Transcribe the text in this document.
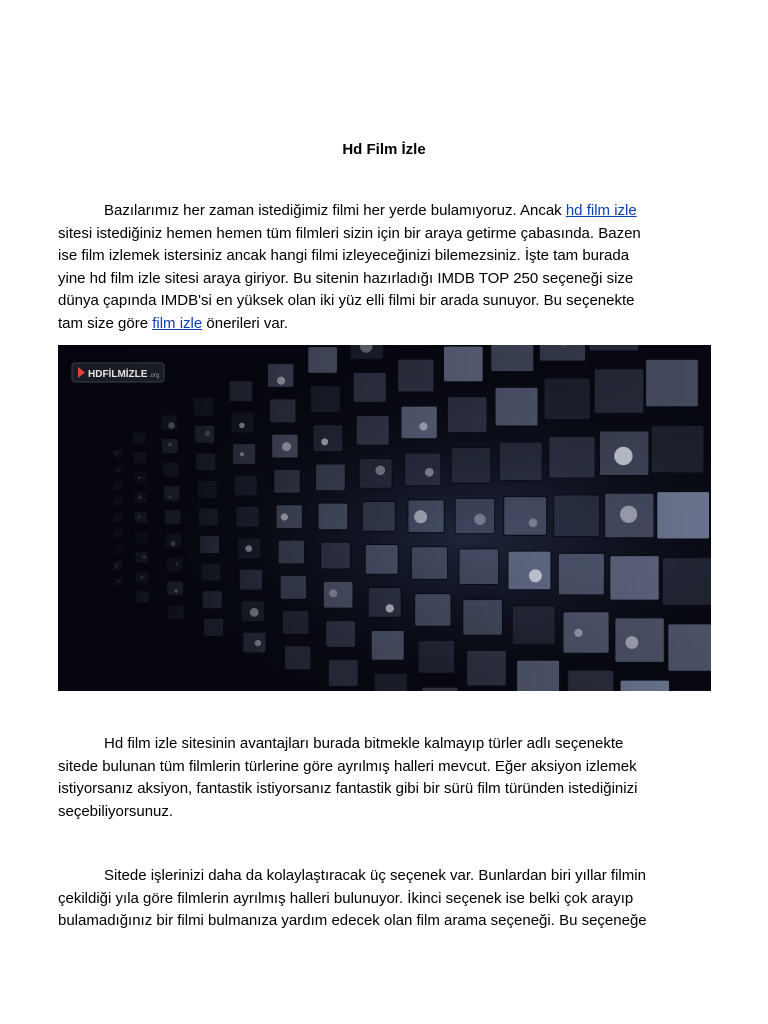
Hd Film İzle

Bazılarımız her zaman istediğimiz filmi her yerde bulamıyoruz. Ancak hd film izle
sitesi istediğiniz hemen hemen tüm filmleri sizin için bir araya getirme çabasında. Bazen
ise film izlemek istersiniz ancak hangi filmi izleyeceğinizi bilemezsiniz. İşte tam burada
yine hd film izle sitesi araya giriyor. Bu sitenin hazırladığı IMDB TOP 250 seçeneği size
dünya çapında IMDB'si en yüksek olan iki yüz elli filmi bir arada sunuyor. Bu seçenekte
tam size göre film izle önerileri var.

HDFİLMİZLE .org

Hd film izle sitesinin avantajları burada bitmekle kalmayıp türler adlı seçenekte
sitede bulunan tüm filmlerin türlerine göre ayrılmış halleri mevcut. Eğer aksiyon izlemek
istiyorsanız aksiyon, fantastik istiyorsanız fantastik gibi bir sürü film türünden istediğinizi
seçebiliyorsunuz.

Sitede işlerinizi daha da kolaylaştıracak üç seçenek var. Bunlardan biri yıllar filmin
çekildiği yıla göre filmlerin ayrılmış halleri bulunuyor. İkinci seçenek ise belki çok arayıp
bulamadığınız bir filmi bulmanıza yardım edecek olan film arama seçeneği. Bu seçeneğe
